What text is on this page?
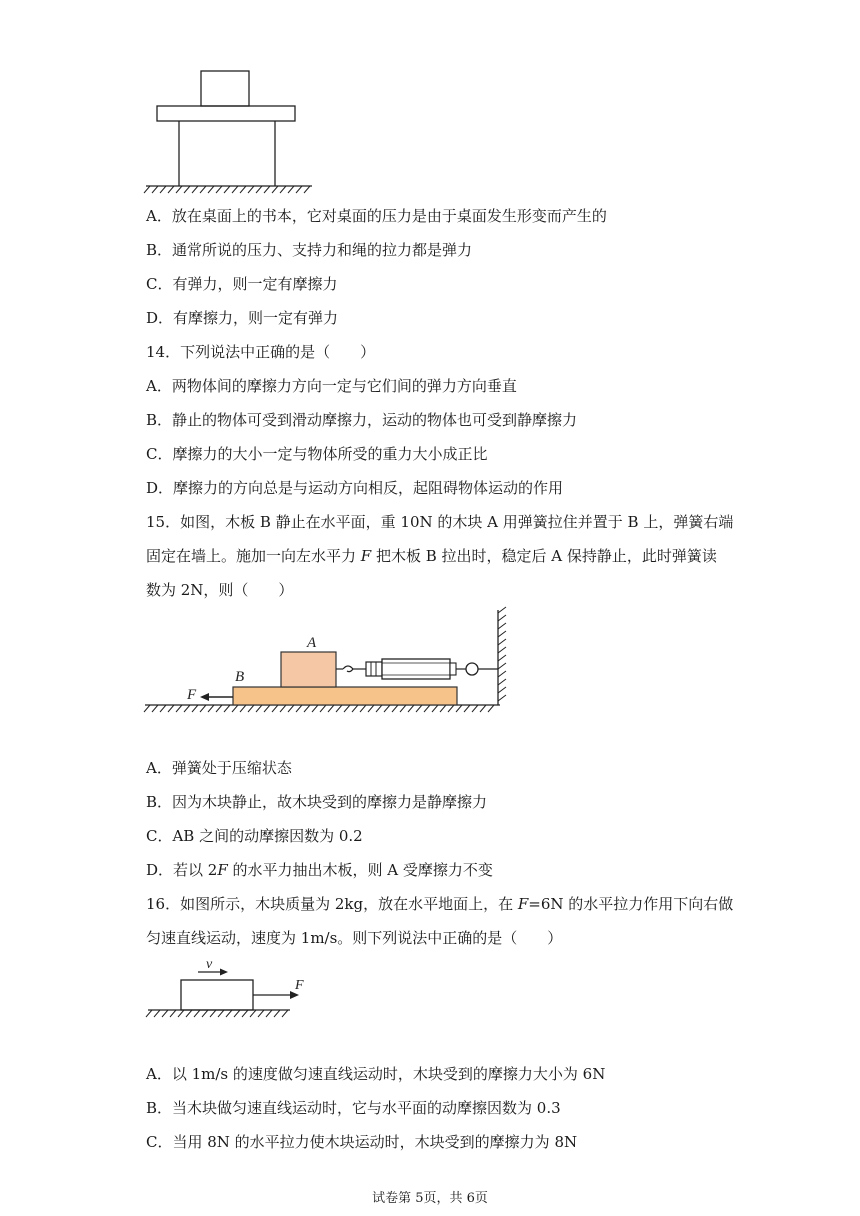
A．放在桌面上的书本，它对桌面的压力是由于桌面发生形变而产生的
B．通常所说的压力、支持力和绳的拉力都是弹力
C．有弹力，则一定有摩擦力
D．有摩擦力，则一定有弹力
14．下列说法中正确的是（　　）
A．两物体间的摩擦力方向一定与它们间的弹力方向垂直
B．静止的物体可受到滑动摩擦力，运动的物体也可受到静摩擦力
C．摩擦力的大小一定与物体所受的重力大小成正比
D．摩擦力的方向总是与运动方向相反，起阻碍物体运动的作用
15．如图，木板 B 静止在水平面，重 10N 的木块 A 用弹簧拉住并置于 B 上，弹簧右端
固定在墙上。施加一向左水平力 F 把木板 B 拉出时，稳定后 A 保持静止，此时弹簧读
数为 2N，则（　　）
A
B
F
A．弹簧处于压缩状态
B．因为木块静止，故木块受到的摩擦力是静摩擦力
C．AB 之间的动摩擦因数为 0.2
D．若以 2F 的水平力抽出木板，则 A 受摩擦力不变
16．如图所示，木块质量为 2kg，放在水平地面上，在 F=6N 的水平拉力作用下向右做
匀速直线运动，速度为 1m/s。则下列说法中正确的是（　　）
v
F
A．以 1m/s 的速度做匀速直线运动时，木块受到的摩擦力大小为 6N
B．当木块做匀速直线运动时，它与水平面的动摩擦因数为 0.3
C．当用 8N 的水平拉力使木块运动时，木块受到的摩擦力为 8N
试卷第 5页，共 6页
